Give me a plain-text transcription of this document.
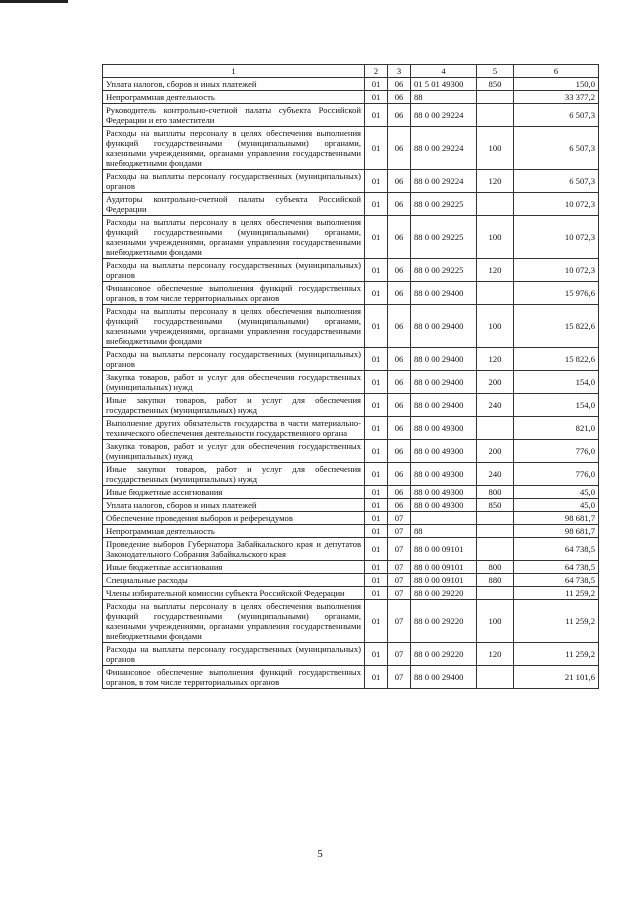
1	2	3	4	5	6
Уплата налогов, сборов и иных платежей	01	06	01 5 01 49300	850	150,0
Непрограммная деятельность	01	06	88		33 377,2
Руководитель контрольно-счетной палаты субъекта Российской Федерации и его заместители	01	06	88 0 00 29224		6 507,3
Расходы на выплаты персоналу в целях обеспечения выполнения функций государственными (муниципальными) органами, казенными учреждениями, органами управления государственными внебюджетными фондами	01	06	88 0 00 29224	100	6 507,3
Расходы на выплаты персоналу государственных (муниципальных) органов	01	06	88 0 00 29224	120	6 507,3
Аудиторы контрольно-счетной палаты субъекта Российской Федерации	01	06	88 0 00 29225		10 072,3
Расходы на выплаты персоналу в целях обеспечения выполнения функций государственными (муниципальными) органами, казенными учреждениями, органами управления государственными внебюджетными фондами	01	06	88 0 00 29225	100	10 072,3
Расходы на выплаты персоналу государственных (муниципальных) органов	01	06	88 0 00 29225	120	10 072,3
Финансовое обеспечение выполнения функций государственных органов, в том числе территориальных органов	01	06	88 0 00 29400		15 976,6
Расходы на выплаты персоналу в целях обеспечения выполнения функций государственными (муниципальными) органами, казенными учреждениями, органами управления государственными внебюджетными фондами	01	06	88 0 00 29400	100	15 822,6
Расходы на выплаты персоналу государственных (муниципальных) органов	01	06	88 0 00 29400	120	15 822,6
Закупка товаров, работ и услуг для обеспечения государственных (муниципальных) нужд	01	06	88 0 00 29400	200	154,0
Иные закупки товаров, работ и услуг для обеспечения государственных (муниципальных) нужд	01	06	88 0 00 29400	240	154,0
Выполнение других обязательств государства в части материально-технического обеспечения деятельности государственного органа	01	06	88 0 00 49300		821,0
Закупка товаров, работ и услуг для обеспечения государственных (муниципальных) нужд	01	06	88 0 00 49300	200	776,0
Иные закупки товаров, работ и услуг для обеспечения государственных (муниципальных) нужд	01	06	88 0 00 49300	240	776,0
Иные бюджетные ассигнования	01	06	88 0 00 49300	800	45,0
Уплата налогов, сборов и иных платежей	01	06	88 0 00 49300	850	45,0
Обеспечение проведения выборов и референдумов	01	07			98 681,7
Непрограммная деятельность	01	07	88		98 681,7
Проведение выборов Губернатора Забайкальского края и депутатов Законодательного Собрания Забайкальского края	01	07	88 0 00 09101		64 738,5
Иные бюджетные ассигнования	01	07	88 0 00 09101	800	64 738,5
Специальные расходы	01	07	88 0 00 09101	880	64 738,5
Члены избирательной комиссии субъекта Российской Федерации	01	07	88 0 00 29220		11 259,2
Расходы на выплаты персоналу в целях обеспечения выполнения функций государственными (муниципальными) органами, казенными учреждениями, органами управления государственными внебюджетными фондами	01	07	88 0 00 29220	100	11 259,2
Расходы на выплаты персоналу государственных (муниципальных) органов	01	07	88 0 00 29220	120	11 259,2
Финансовое обеспечение выполнения функций государственных органов, в том числе территориальных органов	01	07	88 0 00 29400		21 101,6
5
